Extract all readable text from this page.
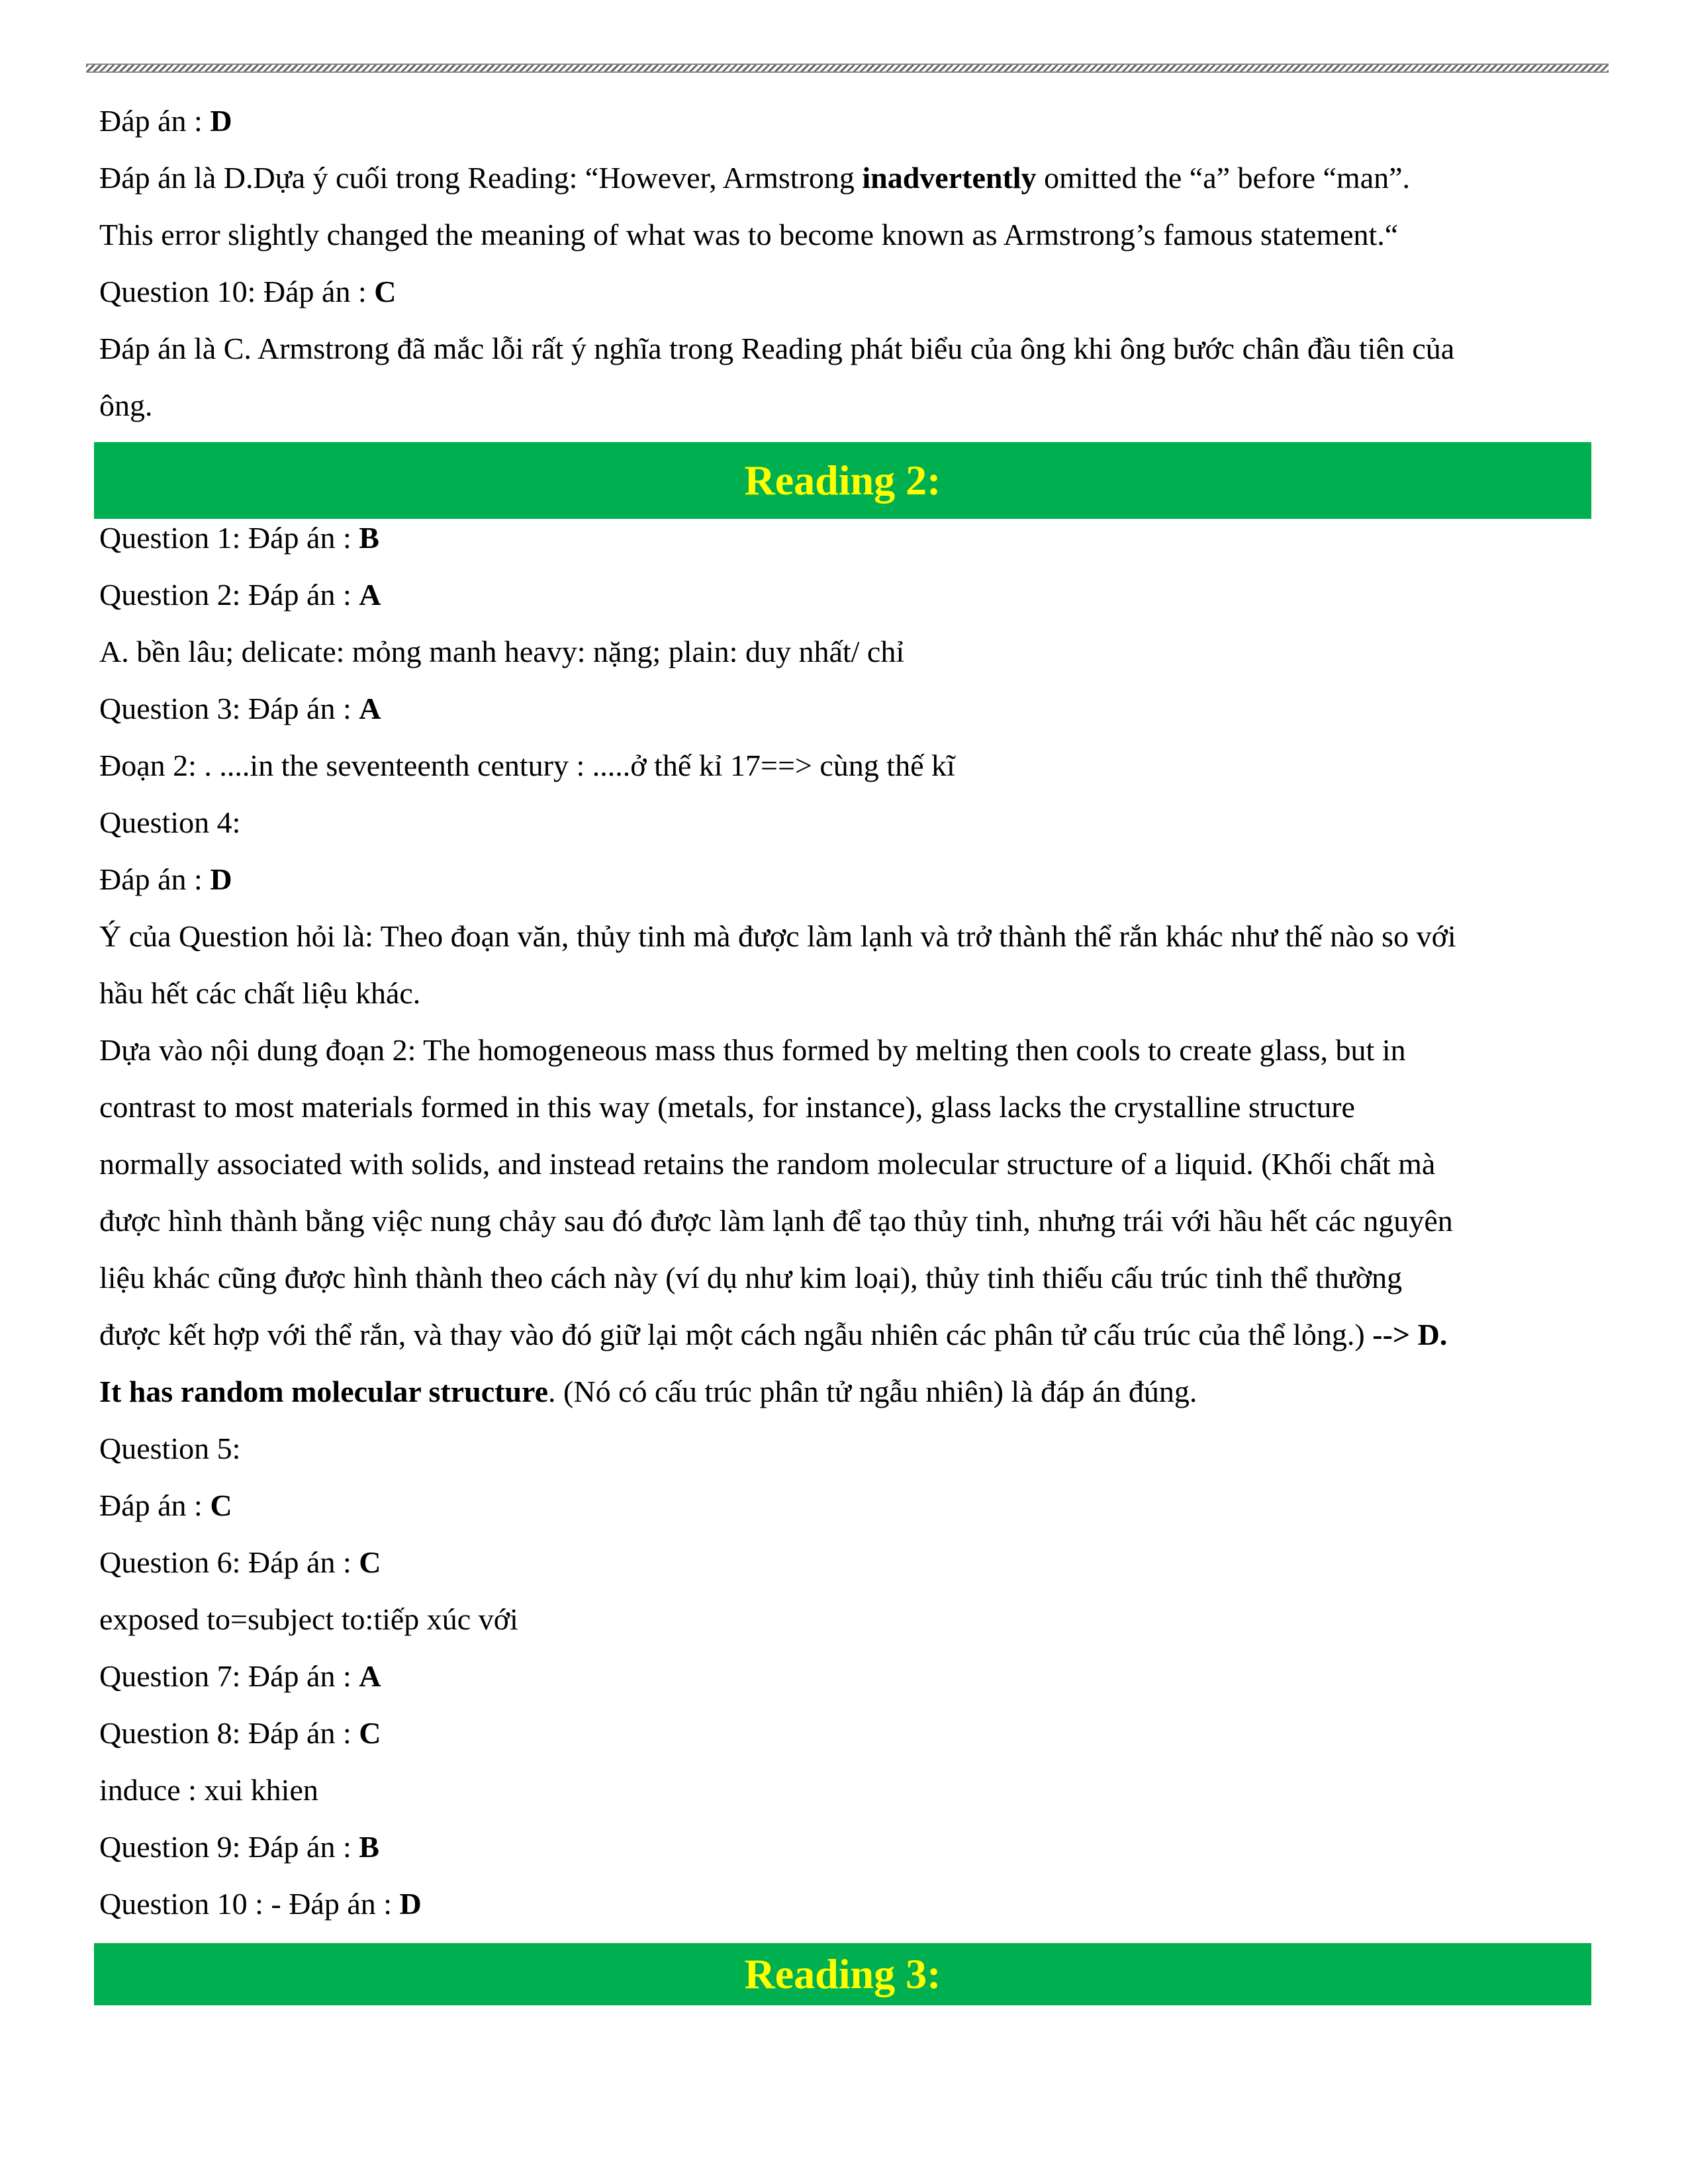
Đáp án : D
Đáp án là D.Dựa ý cuối trong Reading: “However, Armstrong inadvertently omitted the “a” before “man”.
This error slightly changed the meaning of what was to become known as Armstrong’s famous statement.“
Question 10: Đáp án : C
Đáp án là C. Armstrong đã mắc lỗi rất ý nghĩa trong Reading phát biểu của ông khi ông bước chân đầu tiên của
ông.
Reading 2:
Question 1: Đáp án : B
Question 2: Đáp án : A
A. bền lâu; delicate: mỏng manh heavy: nặng; plain: duy nhất/ chỉ
Question 3: Đáp án : A
Đoạn 2: . ....in the seventeenth century : .....ở thế kỉ 17==> cùng thế kĩ
Question 4:
Đáp án : D
Ý của Question hỏi là: Theo đoạn văn, thủy tinh mà được làm lạnh và trở thành thể rắn khác như thế nào so với
hầu hết các chất liệu khác.
Dựa vào nội dung đoạn 2: The homogeneous mass thus formed by melting then cools to create glass, but in
contrast to most materials formed in this way (metals, for instance), glass lacks the crystalline structure
normally associated with solids, and instead retains the random molecular structure of a liquid. (Khối chất mà
được hình thành bằng việc nung chảy sau đó được làm lạnh để tạo thủy tinh, nhưng trái với hầu hết các nguyên
liệu khác cũng được hình thành theo cách này (ví dụ như kim loại), thủy tinh thiếu cấu trúc tinh thể thường
được kết hợp với thể rắn, và thay vào đó giữ lại một cách ngẫu nhiên các phân tử cấu trúc của thể lỏng.) --> D.
It has random molecular structure. (Nó có cấu trúc phân tử ngẫu nhiên) là đáp án đúng.
Question 5:
Đáp án : C
Question 6: Đáp án : C
exposed to=subject to:tiếp xúc với
Question 7: Đáp án : A
Question 8: Đáp án : C
induce : xui khien
Question 9: Đáp án : B
Question 10 : - Đáp án : D
Reading 3:
